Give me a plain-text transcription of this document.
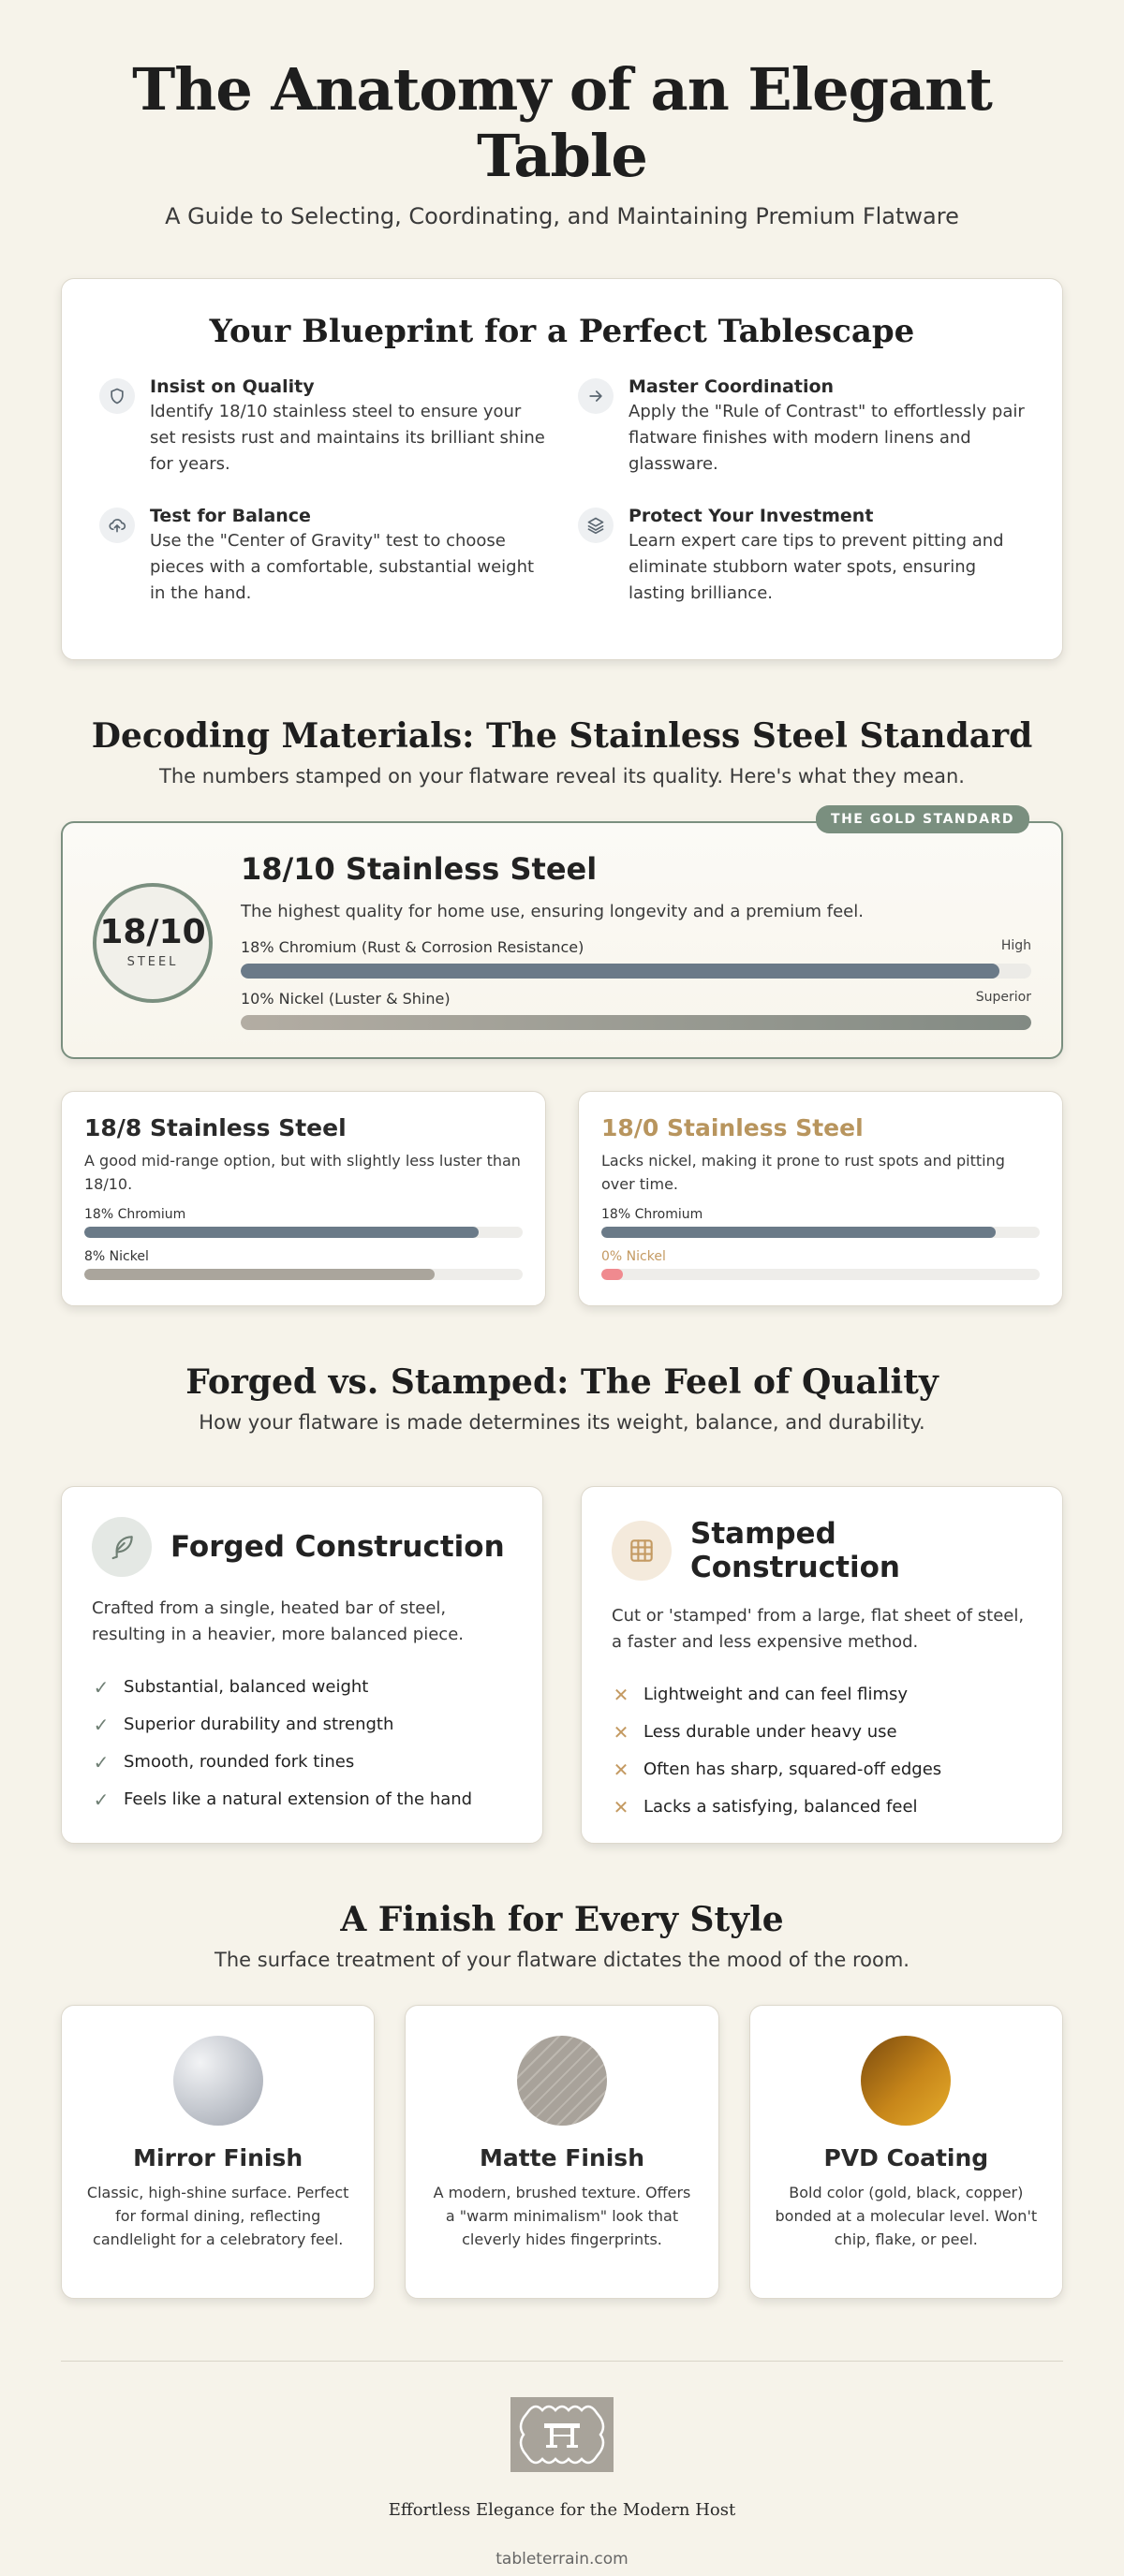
The Anatomy of an Elegant Table

A Guide to Selecting, Coordinating, and Maintaining Premium Flatware

Your Blueprint for a Perfect Tablescape
Insist on Quality
Identify 18/10 stainless steel to ensure your set resists rust and maintains its brilliant shine for years.
Master Coordination
Apply the "Rule of Contrast" to effortlessly pair flatware finishes with modern linens and glassware.
Test for Balance
Use the "Center of Gravity" test to choose pieces with a comfortable, substantial weight in the hand.
Protect Your Investment
Learn expert care tips to prevent pitting and eliminate stubborn water spots, ensuring lasting brilliance.
Decoding Materials: The Stainless Steel Standard

The numbers stamped on your flatware reveal its quality. Here's what they mean.

THE GOLD STANDARD
18/10
STEEL
18/10 Stainless Steel
The highest quality for home use, ensuring longevity and a premium feel.
18% Chromium (Rust & Corrosion Resistance)	High
10% Nickel (Luster & Shine)	Superior
18/8 Stainless Steel
A good mid-range option, but with slightly less luster than 18/10.
18% Chromium
8% Nickel
18/0 Stainless Steel
Lacks nickel, making it prone to rust spots and pitting over time.
18% Chromium
0% Nickel
Forged vs. Stamped: The Feel of Quality

How your flatware is made determines its weight, balance, and durability.

Forged Construction
Crafted from a single, heated bar of steel, resulting in a heavier, more balanced piece.
✓ Substantial, balanced weight
✓ Superior durability and strength
✓ Smooth, rounded fork tines
✓ Feels like a natural extension of the hand
Stamped Construction
Cut or 'stamped' from a large, flat sheet of steel, a faster and less expensive method.
✕ Lightweight and can feel flimsy
✕ Less durable under heavy use
✕ Often has sharp, squared-off edges
✕ Lacks a satisfying, balanced feel
A Finish for Every Style

The surface treatment of your flatware dictates the mood of the room.

Mirror Finish

Classic, high-shine surface. Perfect for formal dining, reflecting candlelight for a celebratory feel.

Matte Finish

A modern, brushed texture. Offers a "warm minimalism" look that cleverly hides fingerprints.

PVD Coating

Bold color (gold, black, copper) bonded at a molecular level. Won't chip, flake, or peel.

Effortless Elegance for the Modern Host
tableterrain.com
